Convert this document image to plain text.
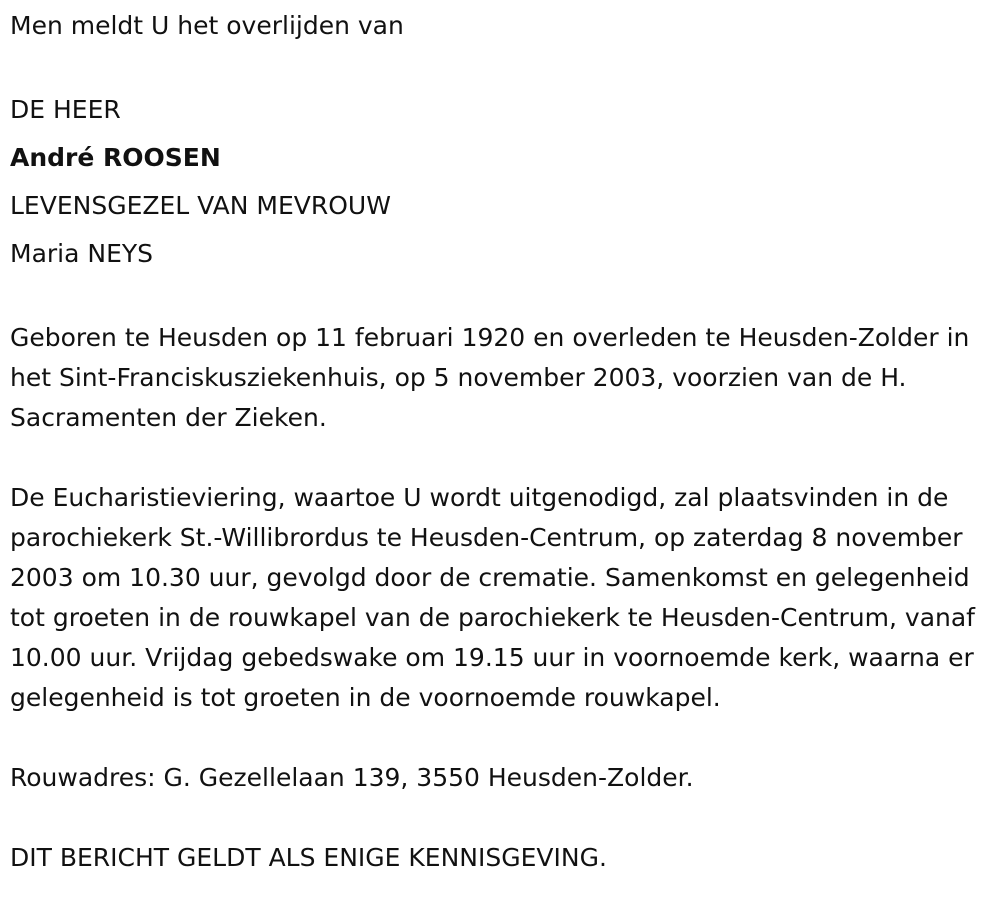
Men meldt U het overlijden van
DE HEER
André ROOSEN
LEVENSGEZEL VAN MEVROUW
Maria NEYS
Geboren te Heusden op 11 februari 1920 en overleden te Heusden-Zolder in het Sint-Franciskusziekenhuis, op 5 november 2003, voorzien van de H. Sacramenten der Zieken.
De Eucharistieviering, waartoe U wordt uitgenodigd, zal plaatsvinden in de parochiekerk St.-Willibrordus te Heusden-Centrum, op zaterdag 8 november 2003 om 10.30 uur, gevolgd door de crematie. Samenkomst en gelegenheid tot groeten in de rouwkapel van de parochiekerk te Heusden-Centrum, vanaf 10.00 uur. Vrijdag gebedswake om 19.15 uur in voornoemde kerk, waarna er gelegenheid is tot groeten in de voornoemde rouwkapel.
Rouwadres: G. Gezellelaan 139, 3550 Heusden-Zolder.
DIT BERICHT GELDT ALS ENIGE KENNISGEVING.
